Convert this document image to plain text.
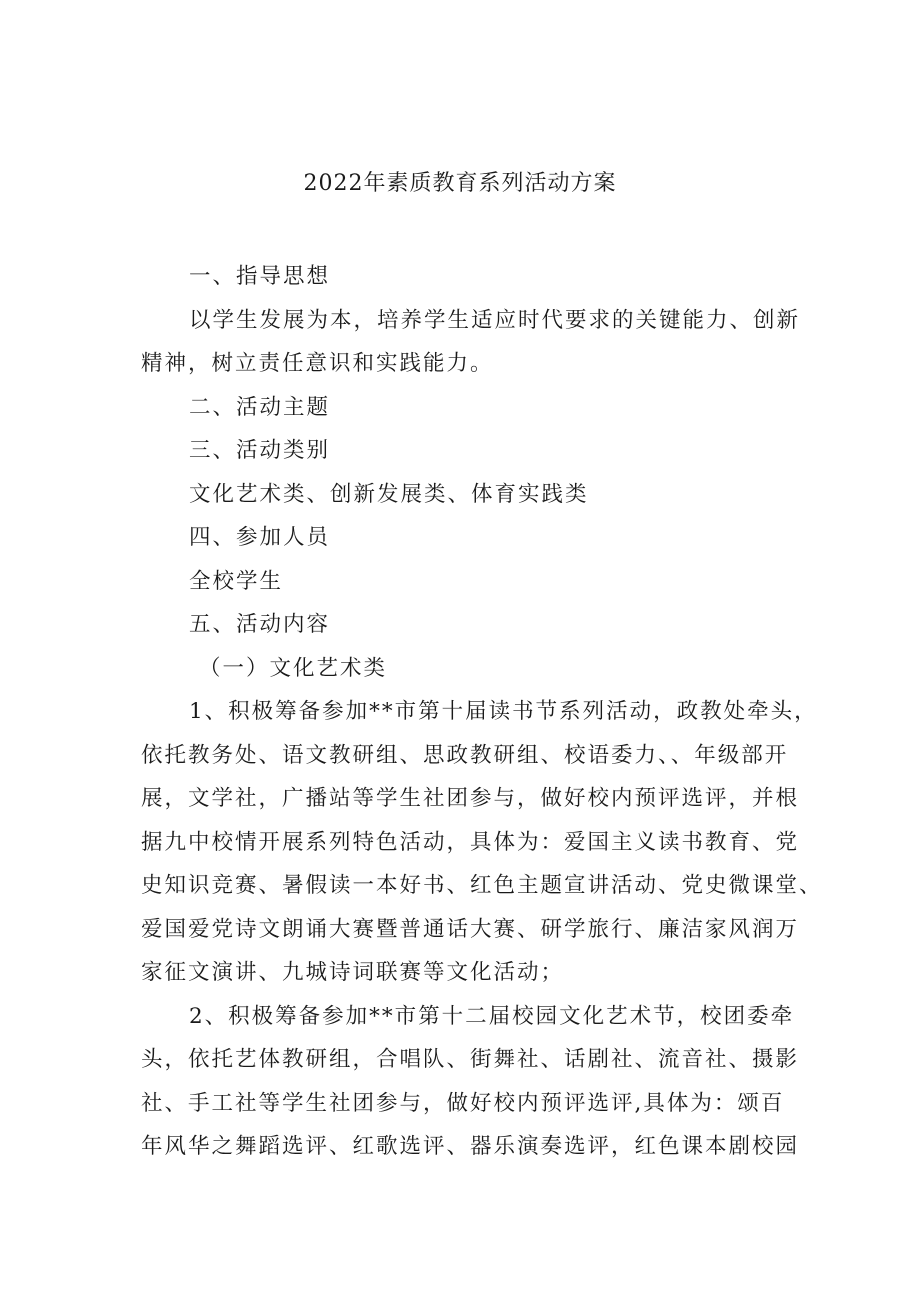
2022年素质教育系列活动方案
一、指导思想
以学生发展为本，培养学生适应时代要求的关键能力、创新
精神，树立责任意识和实践能力。
二、活动主题
三、活动类别
文化艺术类、创新发展类、体育实践类
四、参加人员
全校学生
五、活动内容
（一）文化艺术类
1、积极筹备参加**市第十届读书节系列活动，政教处牵头，
依托教务处、语文教研组、思政教研组、校语委力、、年级部开
展，文学社，广播站等学生社团参与，做好校内预评选评，并根
据九中校情开展系列特色活动，具体为：爱国主义读书教育、党
史知识竞赛、暑假读一本好书、红色主题宣讲活动、党史微课堂、
爱国爱党诗文朗诵大赛暨普通话大赛、研学旅行、廉洁家风润万
家征文演讲、九城诗词联赛等文化活动；
2、积极筹备参加**市第十二届校园文化艺术节，校团委牵
头，依托艺体教研组，合唱队、街舞社、话剧社、流音社、摄影
社、手工社等学生社团参与，做好校内预评选评,具体为：颂百
年风华之舞蹈选评、红歌选评、器乐演奏选评，红色课本剧校园
